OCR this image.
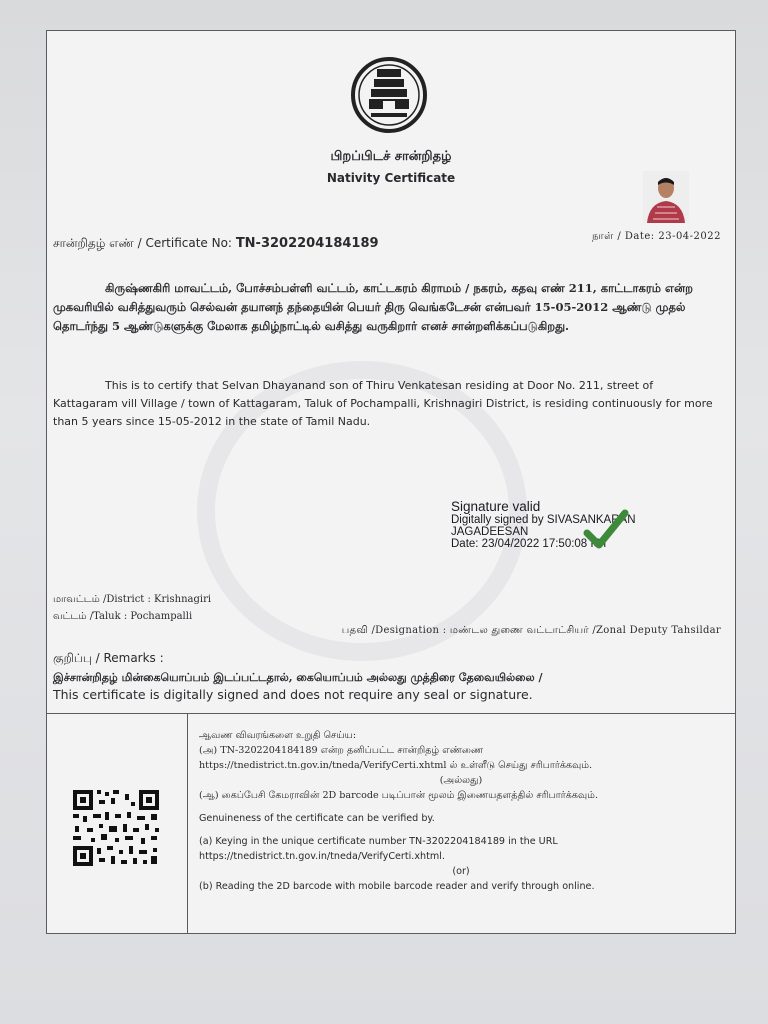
பிறப்பிடச் சான்றிதழ்
Nativity Certificate
சான்றிதழ் எண் / Certificate No: TN-3202204184189	நாள் / Date: 23-04-2022
கிருஷ்ணகிரி மாவட்டம், போச்சம்பள்ளி வட்டம், காட்டகரம் கிராமம் / நகரம், கதவு எண் 211, காட்டாகரம் என்ற முகவரியில் வசித்துவரும் செல்வன் தயானந் தந்தையின் பெயர் திரு வெங்கடேசன் என்பவர் 15-05-2012 ஆண்டு முதல் தொடர்ந்து 5 ஆண்டுகளுக்கு மேலாக தமிழ்நாட்டில் வசித்து வருகிறார் எனச் சான்றளிக்கப்படுகிறது.
This is to certify that Selvan Dhayanand son of Thiru Venkatesan residing at Door No. 211, street of Kattagaram vill Village / town of Kattagaram, Taluk of Pochampalli, Krishnagiri District, is residing continuously for more than 5 years since 15-05-2012 in the state of Tamil Nadu.
Signature valid
Digitally signed by SIVASANKARAN
JAGADEESAN
Date: 23/04/2022 17:50:08 IST
மாவட்டம் /District : Krishnagiri
வட்டம் /Taluk : Pochampalli
பதவி /Designation : மண்டல துணை வட்டாட்சியர் /Zonal Deputy Tahsildar
குறிப்பு / Remarks :
இச்சான்றிதழ் மின்கையொப்பம் இடப்பட்டதால், கையொப்பம் அல்லது முத்திரை தேவையில்லை /
This certificate is digitally signed and does not require any seal or signature.

ஆவண விவரங்களை உறுதி செய்ய:

(அ) TN-3202204184189 என்ற தனிப்பட்ட சான்றிதழ் எண்ணை https://tnedistrict.tn.gov.in/tneda/VerifyCerti.xhtml ல் உள்ளீடு செய்து சரிபார்க்கவும்.

(அல்லது)

(ஆ) கைப்பேசி கேமராவின் 2D barcode படிப்பான் மூலம் இணையதளத்தில் சரிபார்க்கவும்.

Genuineness of the certificate can be verified by.

(a) Keying in the unique certificate number TN-3202204184189 in the URL https://tnedistrict.tn.gov.in/tneda/VerifyCerti.xhtml.

(or)

(b) Reading the 2D barcode with mobile barcode reader and verify through online.
